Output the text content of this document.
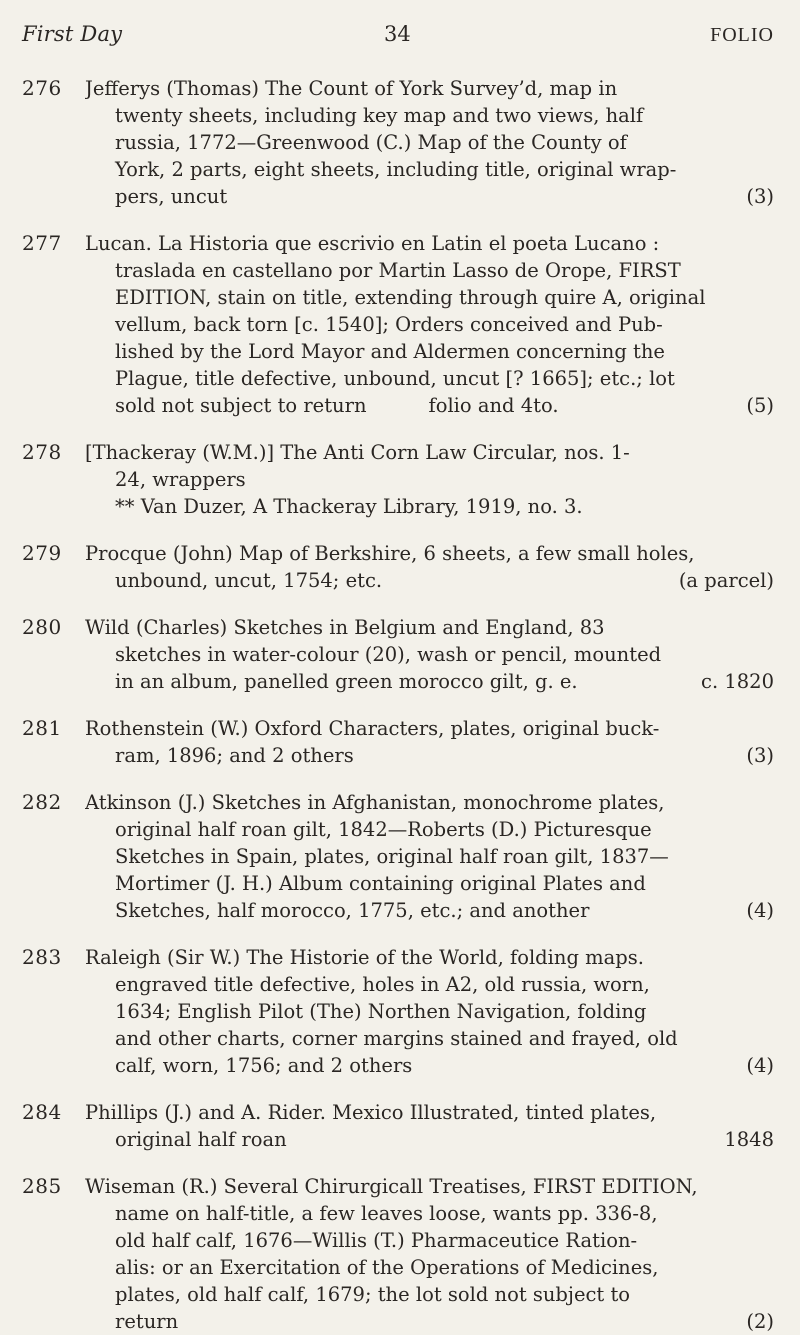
First Day	34	FOLIO
276	Jefferys (Thomas) The Count of York Survey’d, map in
twenty sheets, including key map and two views, half
russia, 1772—Greenwood (C.) Map of the County of
York, 2 parts, eight sheets, including title, original wrap-
pers, uncut	(3)
277	Lucan. La Historia que escrivio en Latin el poeta Lucano :
traslada en castellano por Martin Lasso de Orope, FIRST
EDITION, stain on title, extending through quire A, original
vellum, back torn [c. 1540]; Orders conceived and Pub-
lished by the Lord Mayor and Aldermen concerning the
Plague, title defective, unbound, uncut [? 1665]; etc.; lot
sold not subject to return          folio and 4to.	(5)
278	[Thackeray (W.M.)] The Anti Corn Law Circular, nos. 1-
24, wrappers
** Van Duzer, A Thackeray Library, 1919, no. 3.
279	Procque (John) Map of Berkshire, 6 sheets, a few small holes,
unbound, uncut, 1754; etc.	(a parcel)
280	Wild (Charles) Sketches in Belgium and England, 83
sketches in water-colour (20), wash or pencil, mounted
in an album, panelled green morocco gilt, g. e.	c. 1820
281	Rothenstein (W.) Oxford Characters, plates, original buck-
ram, 1896; and 2 others	(3)
282	Atkinson (J.) Sketches in Afghanistan, monochrome plates,
original half roan gilt, 1842—Roberts (D.) Picturesque
Sketches in Spain, plates, original half roan gilt, 1837—
Mortimer (J. H.) Album containing original Plates and
Sketches, half morocco, 1775, etc.; and another	(4)
283	Raleigh (Sir W.) The Historie of the World, folding maps.
engraved title defective, holes in A2, old russia, worn,
1634; English Pilot (The) Northen Navigation, folding
and other charts, corner margins stained and frayed, old
calf, worn, 1756; and 2 others	(4)
284	Phillips (J.) and A. Rider. Mexico Illustrated, tinted plates,
original half roan	1848
285	Wiseman (R.) Several Chirurgicall Treatises, FIRST EDITION,
name on half-title, a few leaves loose, wants pp. 336-8,
old half calf, 1676—Willis (T.) Pharmaceutice Ration-
alis: or an Exercitation of the Operations of Medicines,
plates, old half calf, 1679; the lot sold not subject to
return	(2)
